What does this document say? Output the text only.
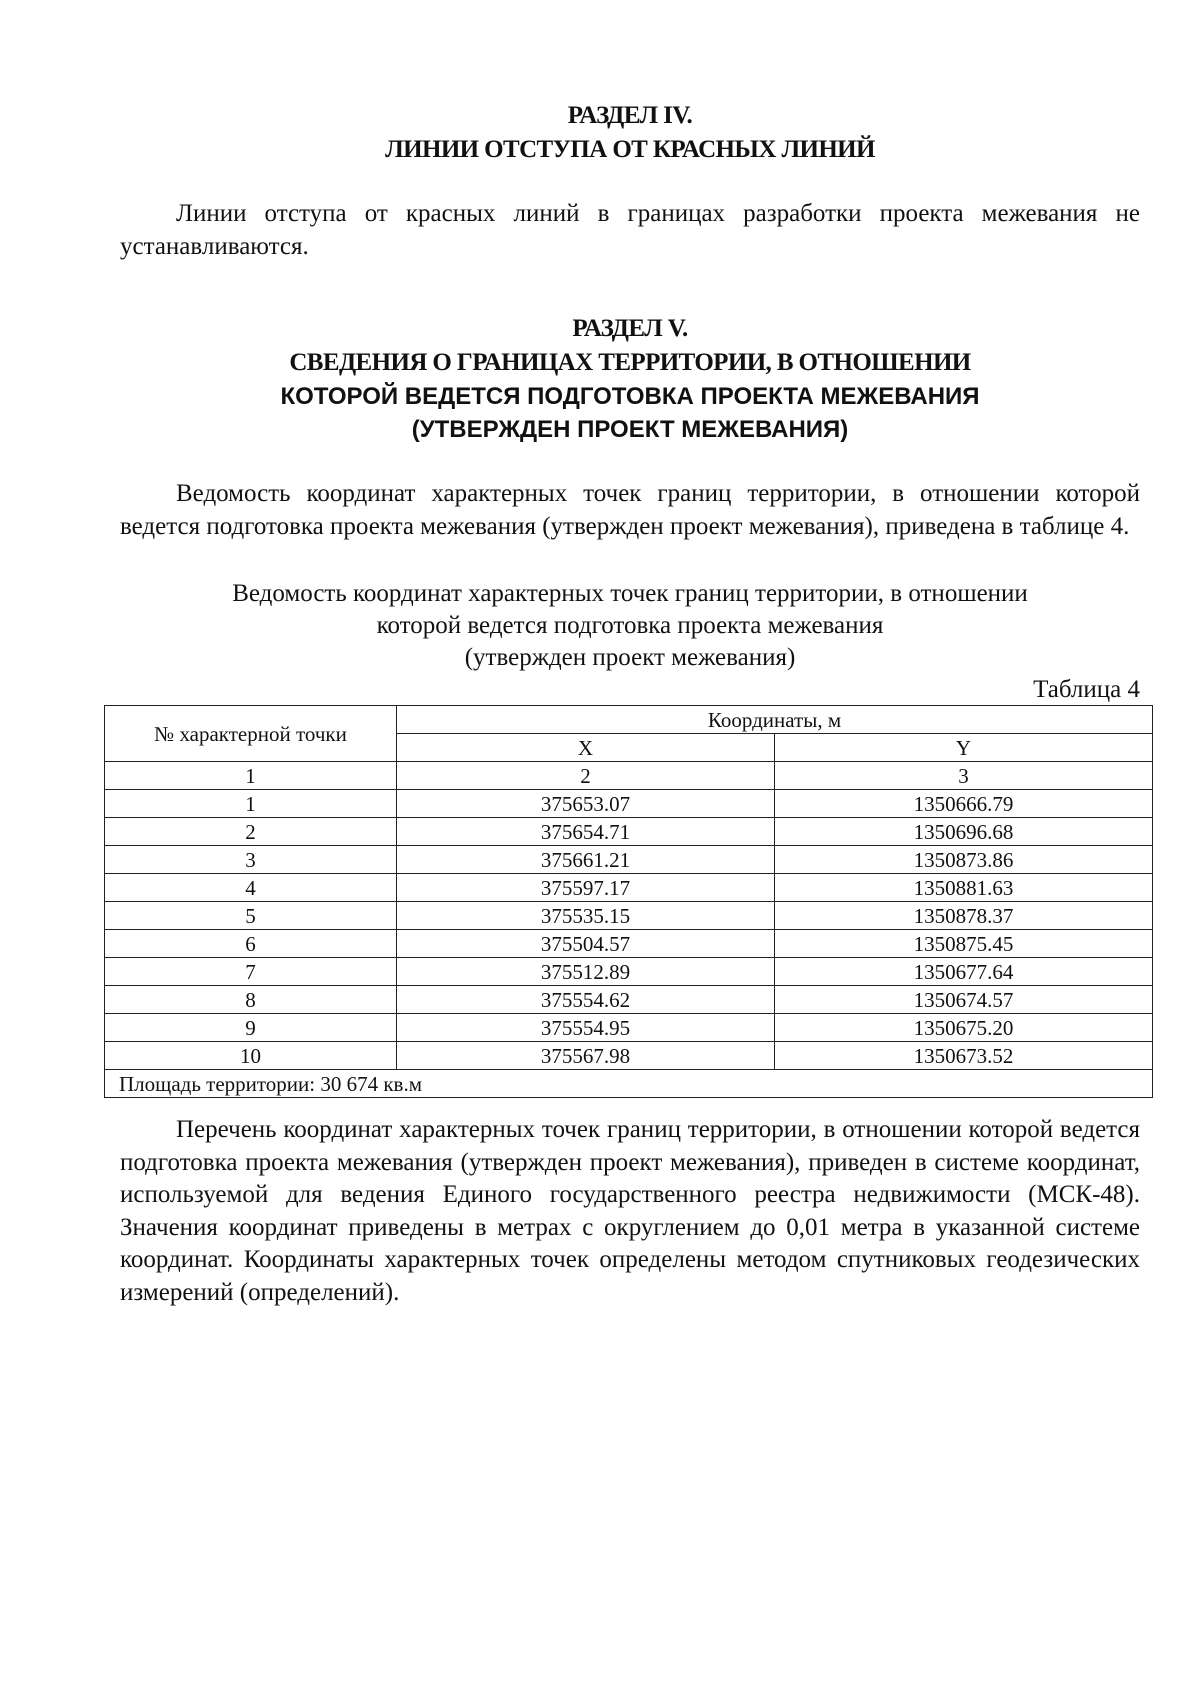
РАЗДЕЛ IV.
ЛИНИИ ОТСТУПА ОТ КРАСНЫХ ЛИНИЙ
Линии отступа от красных линий в границах разработки проекта межевания не устанавливаются.
РАЗДЕЛ V.
СВЕДЕНИЯ О ГРАНИЦАХ ТЕРРИТОРИИ, В ОТНОШЕНИИ
КОТОРОЙ ВЕДЕТСЯ ПОДГОТОВКА ПРОЕКТА МЕЖЕВАНИЯ
(УТВЕРЖДЕН ПРОЕКТ МЕЖЕВАНИЯ)
Ведомость координат характерных точек границ территории, в отношении которой ведется подготовка проекта межевания (утвержден проект межевания), приведена в таблице 4.
Ведомость координат характерных точек границ территории, в отношении
которой ведется подготовка проекта межевания
(утвержден проект межевания)
Таблица 4
№ характерной точки	Координаты, м	
	X	Y
1	2	3
1	375653.07	1350666.79
2	375654.71	1350696.68
3	375661.21	1350873.86
4	375597.17	1350881.63
5	375535.15	1350878.37
6	375504.57	1350875.45
7	375512.89	1350677.64
8	375554.62	1350674.57
9	375554.95	1350675.20
10	375567.98	1350673.52
Площадь территории: 30 674 кв.м		
Перечень координат характерных точек границ территории, в отношении которой ведется подготовка проекта межевания (утвержден проект межевания), приведен в системе координат, используемой для ведения Единого государственного реестра недвижимости (МСК-48). Значения координат приведены в метрах с округлением до 0,01 метра в указанной системе координат. Координаты характерных точек определены методом спутниковых геодезических измерений (определений).
